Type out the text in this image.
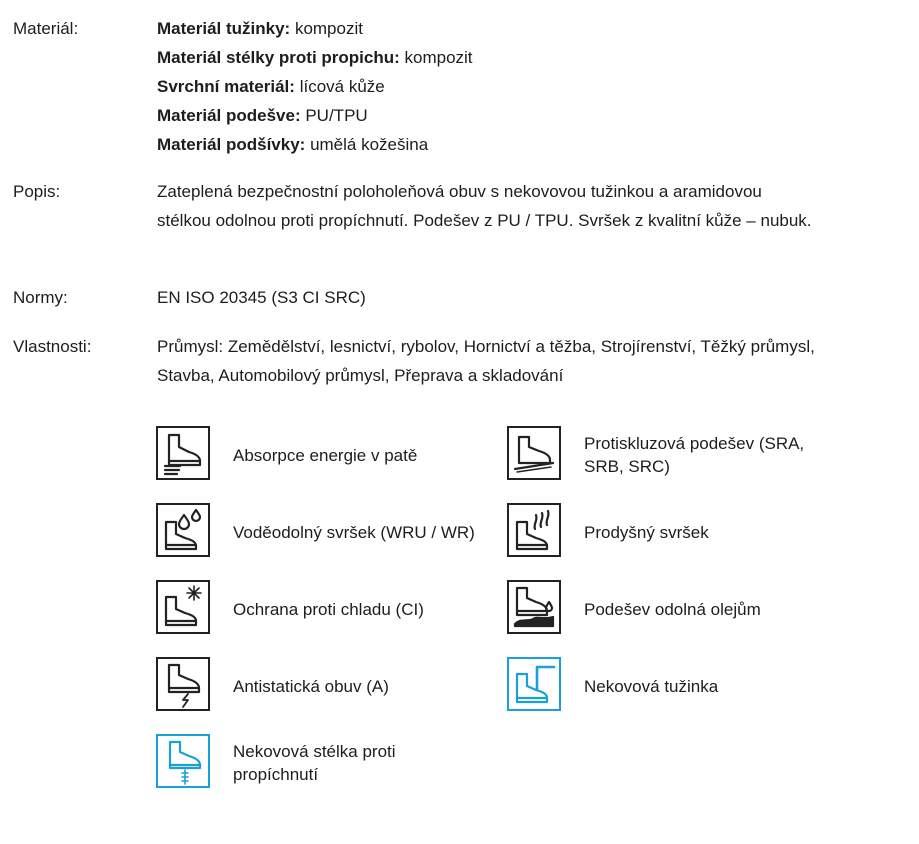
Materiál:	Materiál tužinky: kompozit
Materiál stélky proti propichu: kompozit
Svrchní materiál: lícová kůže
Materiál podešve: PU/TPU
Materiál podšívky: umělá kožešina
Popis:	Zateplená bezpečnostní poloholeňová obuv s nekovovou tužinkou a aramidovou stélkou odolnou proti propíchnutí. Podešev z PU / TPU. Svršek z kvalitní kůže – nubuk.
Normy:	EN ISO 20345 (S3 CI SRC)
Vlastnosti:	Průmysl: Zemědělství, lesnictví, rybolov, Hornictví a těžba, Strojírenství, Těžký průmysl, Stavba, Automobilový průmysl, Přeprava a skladování
Absorpce energie v patě
Protiskluzová podešev (SRA, SRB, SRC)
Voděodolný svršek (WRU / WR)	Prodyšný svršek
Ochrana proti chladu (CI)	Podešev odolná olejům
Antistatická obuv (A)	Nekovová tužinka
Nekovová stélka proti propíchnutí
